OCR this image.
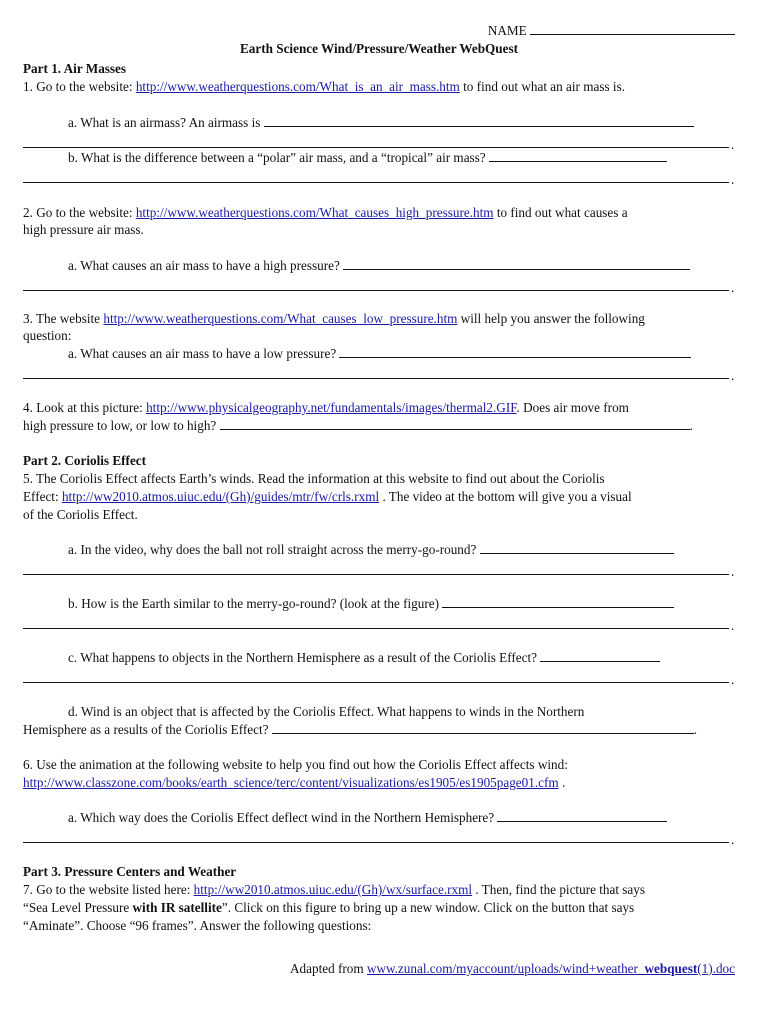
NAME
Earth Science Wind/Pressure/Weather WebQuest
Part 1. Air Masses
1. Go to the website: http://www.weatherquestions.com/What_is_an_air_mass.htm to find out what an air mass is.
a. What is an airmass? An airmass is
.
b. What is the difference between a “polar” air mass, and a “tropical” air mass?
.
2. Go to the website: http://www.weatherquestions.com/What_causes_high_pressure.htm to find out what causes a
high pressure air mass.
a. What causes an air mass to have a high pressure?
.
3. The website http://www.weatherquestions.com/What_causes_low_pressure.htm will help you answer the following
question:
a. What causes an air mass to have a low pressure?
.
4. Look at this picture: http://www.physicalgeography.net/fundamentals/images/thermal2.GIF. Does air move from
high pressure to low, or low to high?	.
Part 2. Coriolis Effect
5. The Coriolis Effect affects Earth’s winds. Read the information at this website to find out about the Coriolis
Effect: http://ww2010.atmos.uiuc.edu/(Gh)/guides/mtr/fw/crls.rxml . The video at the bottom will give you a visual
of the Coriolis Effect.
a. In the video, why does the ball not roll straight across the merry-go-round?
.
b. How is the Earth similar to the merry-go-round? (look at the figure)
.
c. What happens to objects in the Northern Hemisphere as a result of the Coriolis Effect?
.
d. Wind is an object that is affected by the Coriolis Effect. What happens to winds in the Northern
Hemisphere as a results of the Coriolis Effect?	.
6. Use the animation at the following website to help you find out how the Coriolis Effect affects wind:
http://www.classzone.com/books/earth_science/terc/content/visualizations/es1905/es1905page01.cfm .
a. Which way does the Coriolis Effect deflect wind in the Northern Hemisphere?
.
Part 3. Pressure Centers and Weather
7. Go to the website listed here: http://ww2010.atmos.uiuc.edu/(Gh)/wx/surface.rxml . Then, find the picture that says
“Sea Level Pressure with IR satellite”. Click on this figure to bring up a new window. Click on the button that says
“Aminate”. Choose “96 frames”. Answer the following questions:
Adapted from www.zunal.com/myaccount/uploads/wind+weather_webquest(1).doc
